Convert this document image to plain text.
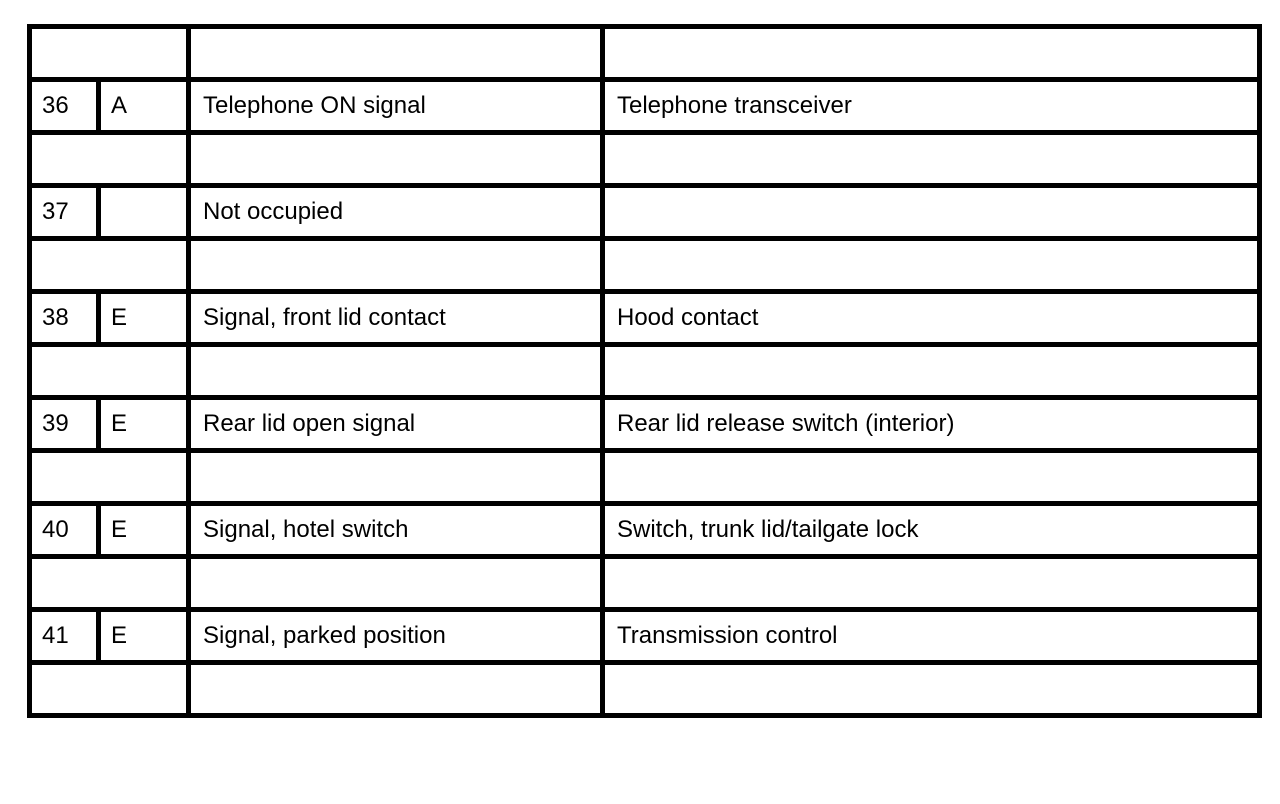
36	A	Telephone ON signal	Telephone transceiver

37		Not occupied	

38	E	Signal, front lid contact	Hood contact

39	E	Rear lid open signal	Rear lid release switch (interior)

40	E	Signal, hotel switch	Switch, trunk lid/tailgate lock

41	E	Signal, parked position	Transmission control
